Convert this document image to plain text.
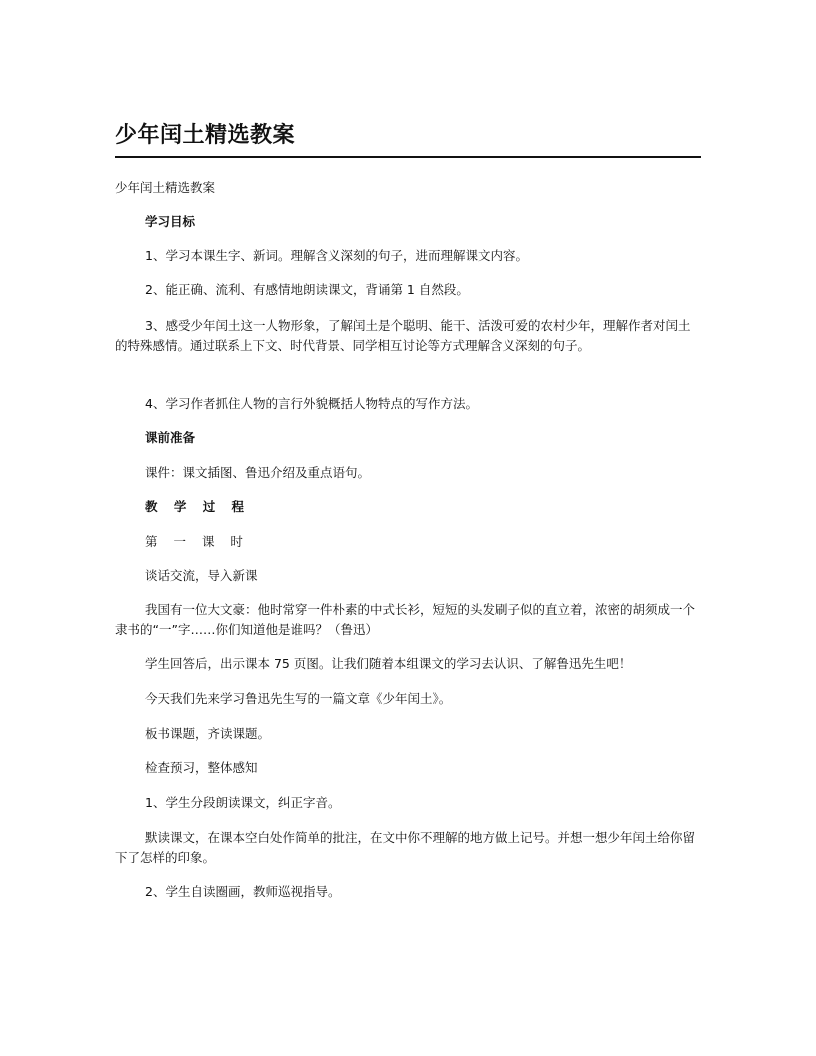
少年闰土精选教案

少年闰土精选教案

学习目标

1、学习本课生字、新词。理解含义深刻的句子，进而理解课文内容。

2、能正确、流利、有感情地朗读课文，背诵第 1 自然段。

3、感受少年闰土这一人物形象，了解闰土是个聪明、能干、活泼可爱的农村少年，理解作者对闰土的特殊感情。通过联系上下文、时代背景、同学相互讨论等方式理解含义深刻的句子。

4、学习作者抓住人物的言行外貌概括人物特点的写作方法。

课前准备

课件：课文插图、鲁迅介绍及重点语句。

教 学 过 程

第 一 课 时

谈话交流，导入新课

我国有一位大文豪：他时常穿一件朴素的中式长衫，短短的头发刷子似的直立着，浓密的胡须成一个隶书的“一”字……你们知道他是谁吗？（鲁迅）

学生回答后，出示课本 75 页图。让我们随着本组课文的学习去认识、了解鲁迅先生吧！

今天我们先来学习鲁迅先生写的一篇文章《少年闰土》。

板书课题，齐读课题。

检查预习，整体感知

1、学生分段朗读课文，纠正字音。

默读课文，在课本空白处作简单的批注，在文中你不理解的地方做上记号。并想一想少年闰土给你留下了怎样的印象。

2、学生自读圈画，教师巡视指导。
